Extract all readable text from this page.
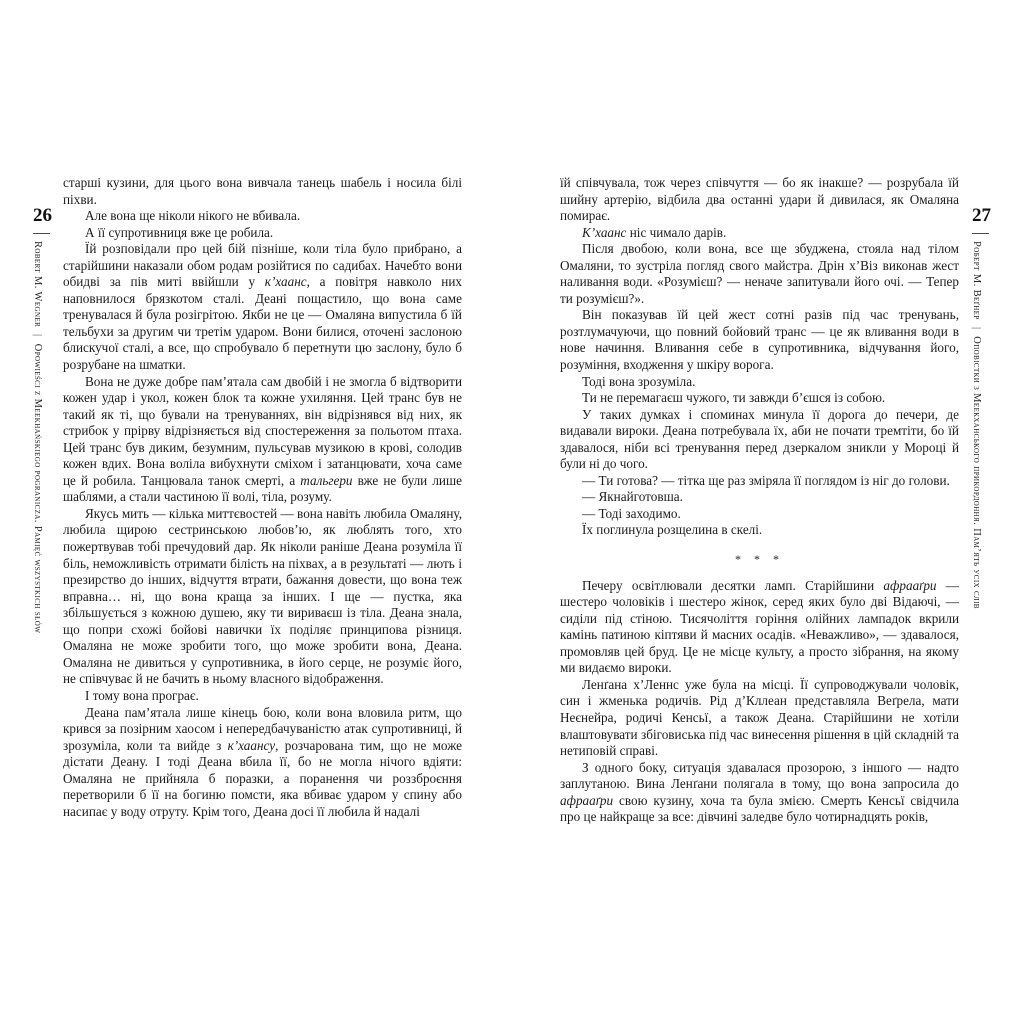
26
Robert M. Wegner|Opowieści z Meekhańskiego pogranicza. Pamięć wszystkich słów
27
Роберт М. Веґнер|Оповістки з Меекханського прикордоння. Пам’ять усіх слів

старші кузини, для цього вона вивчала танець шабель і носила білі піхви.

Але вона ще ніколи нікого не вбивала.

А її супротивниця вже це робила.

Їй розповідали про цей бій пізніше, коли тіла було прибрано, а старійшини наказали обом родам розійтися по садибах. Начебто вони обидві за пів миті ввійшли у к’хаанс, а повітря навколо них наповнилося брязкотом сталі. Деані пощастило, що вона саме тренувалася й була розігрітою. Якби не це — Омаляна випустила б їй тельбухи за другим чи третім ударом. Вони билися, оточені заслоною блискучої сталі, а все, що спробувало б перетнути цю заслону, було б розрубане на шматки.

Вона не дуже добре пам’ятала сам двобій і не змогла б відтворити кожен удар і укол, кожен блок та кожне ухиляння. Цей транс був не такий як ті, що бували на тренуваннях, він відрізнявся від них, як стрибок у прірву відрізняється від спостереження за польотом птаха. Цей транс був диким, безумним, пульсував музикою в крові, солодив кожен вдих. Вона воліла вибухнути сміхом і затанцювати, хоча саме це й робила. Танцювала танок смерті, а тальгери вже не були лише шаблями, а стали частиною її волі, тіла, розуму.

Якусь мить — кілька миттєвостей — вона навіть любила Омаляну, любила щирою сестринською любов’ю, як люблять того, хто пожертвував тобі пречудовий дар. Як ніколи раніше Деана розуміла її біль, неможливість отримати білість на піхвах, а в результаті — лють і презирство до інших, відчуття втрати, бажання довести, що вона теж вправна… ні, що вона краща за інших. І ще — пустка, яка збільшується з кожною душею, яку ти вириваєш із тіла. Деана знала, що попри схожі бойові навички їх поділяє принципова різниця. Омаляна не може зробити того, що може зробити вона, Деана. Омаляна не дивиться у супротивника, в його серце, не розуміє його, не співчуває й не бачить в ньому власного відображення.

І тому вона програє.

Деана пам’ятала лише кінець бою, коли вона вловила ритм, що крився за позірним хаосом і непередбачуваністю атак супротивниці, й зрозуміла, коли та вийде з к’хаансу, розчарована тим, що не може дістати Деану. І тоді Деана вбила її, бо не могла нічого вдіяти: Омаляна не прийняла б поразки, а поранення чи роззброєння перетворили б її на богиню помсти, яка вбиває ударом у спину або насипає у воду отруту. Крім того, Деана досі її любила й надалі

їй співчувала, тож через співчуття — бо як інакше? — розрубала їй шийну артерію, відбила два останні удари й дивилася, як Омаляна помирає.

К’хаанс ніс чимало дарів.

Після двобою, коли вона, все ще збуджена, стояла над тілом Омаляни, то зустріла погляд свого майстра. Дрін х’Віз виконав жест наливання води. «Розумієш? — неначе запитували його очі. — Тепер ти розумієш?».

Він показував їй цей жест сотні разів під час тренувань, розтлумачуючи, що повний бойовий транс — це як вливання води в нове начиння. Вливання себе в супротивника, відчування його, розуміння, входження у шкіру ворога.

Тоді вона зрозуміла.

Ти не перемагаєш чужого, ти завжди б’єшся із собою.

У таких думках і споминах минула її дорога до печери, де видавали вироки. Деана потребувала їх, аби не почати тремтіти, бо їй здавалося, ніби всі тренування перед дзеркалом зникли у Мороці й були ні до чого.

— Ти готова? — тітка ще раз зміряла її поглядом із ніг до голови.

— Якнайготовша.

— Тоді заходимо.

Їх поглинула розщелина в скелі.

* * *

Печеру освітлювали десятки ламп. Старійшини афрааґри — шестеро чоловіків і шестеро жінок, серед яких було дві Відаючі, — сиділи під стіною. Тисячоліття горіння олійних лампадок вкрили камінь патиною кіптяви й масних осадів. «Неважливо», — здавалося, промовляв цей бруд. Це не місце культу, а просто зібрання, на якому ми видаємо вироки.

Ленґана х’Леннс уже була на місці. Її супроводжували чоловік, син і жменька родичів. Рід д’Кллеан представляла Веґрела, мати Неєнейра, родичі Кенсьї, а також Деана. Старійшини не хотіли влаштовувати збіговиська під час винесення рішення в цій складній та нетиповій справі.

З одного боку, ситуація здавалася прозорою, з іншого — надто заплутаною. Вина Ленґани полягала в тому, що вона запросила до афрааґри свою кузину, хоча та була змією. Смерть Кенсьї свідчила про це найкраще за все: дівчині заледве було чотирнадцять років,
